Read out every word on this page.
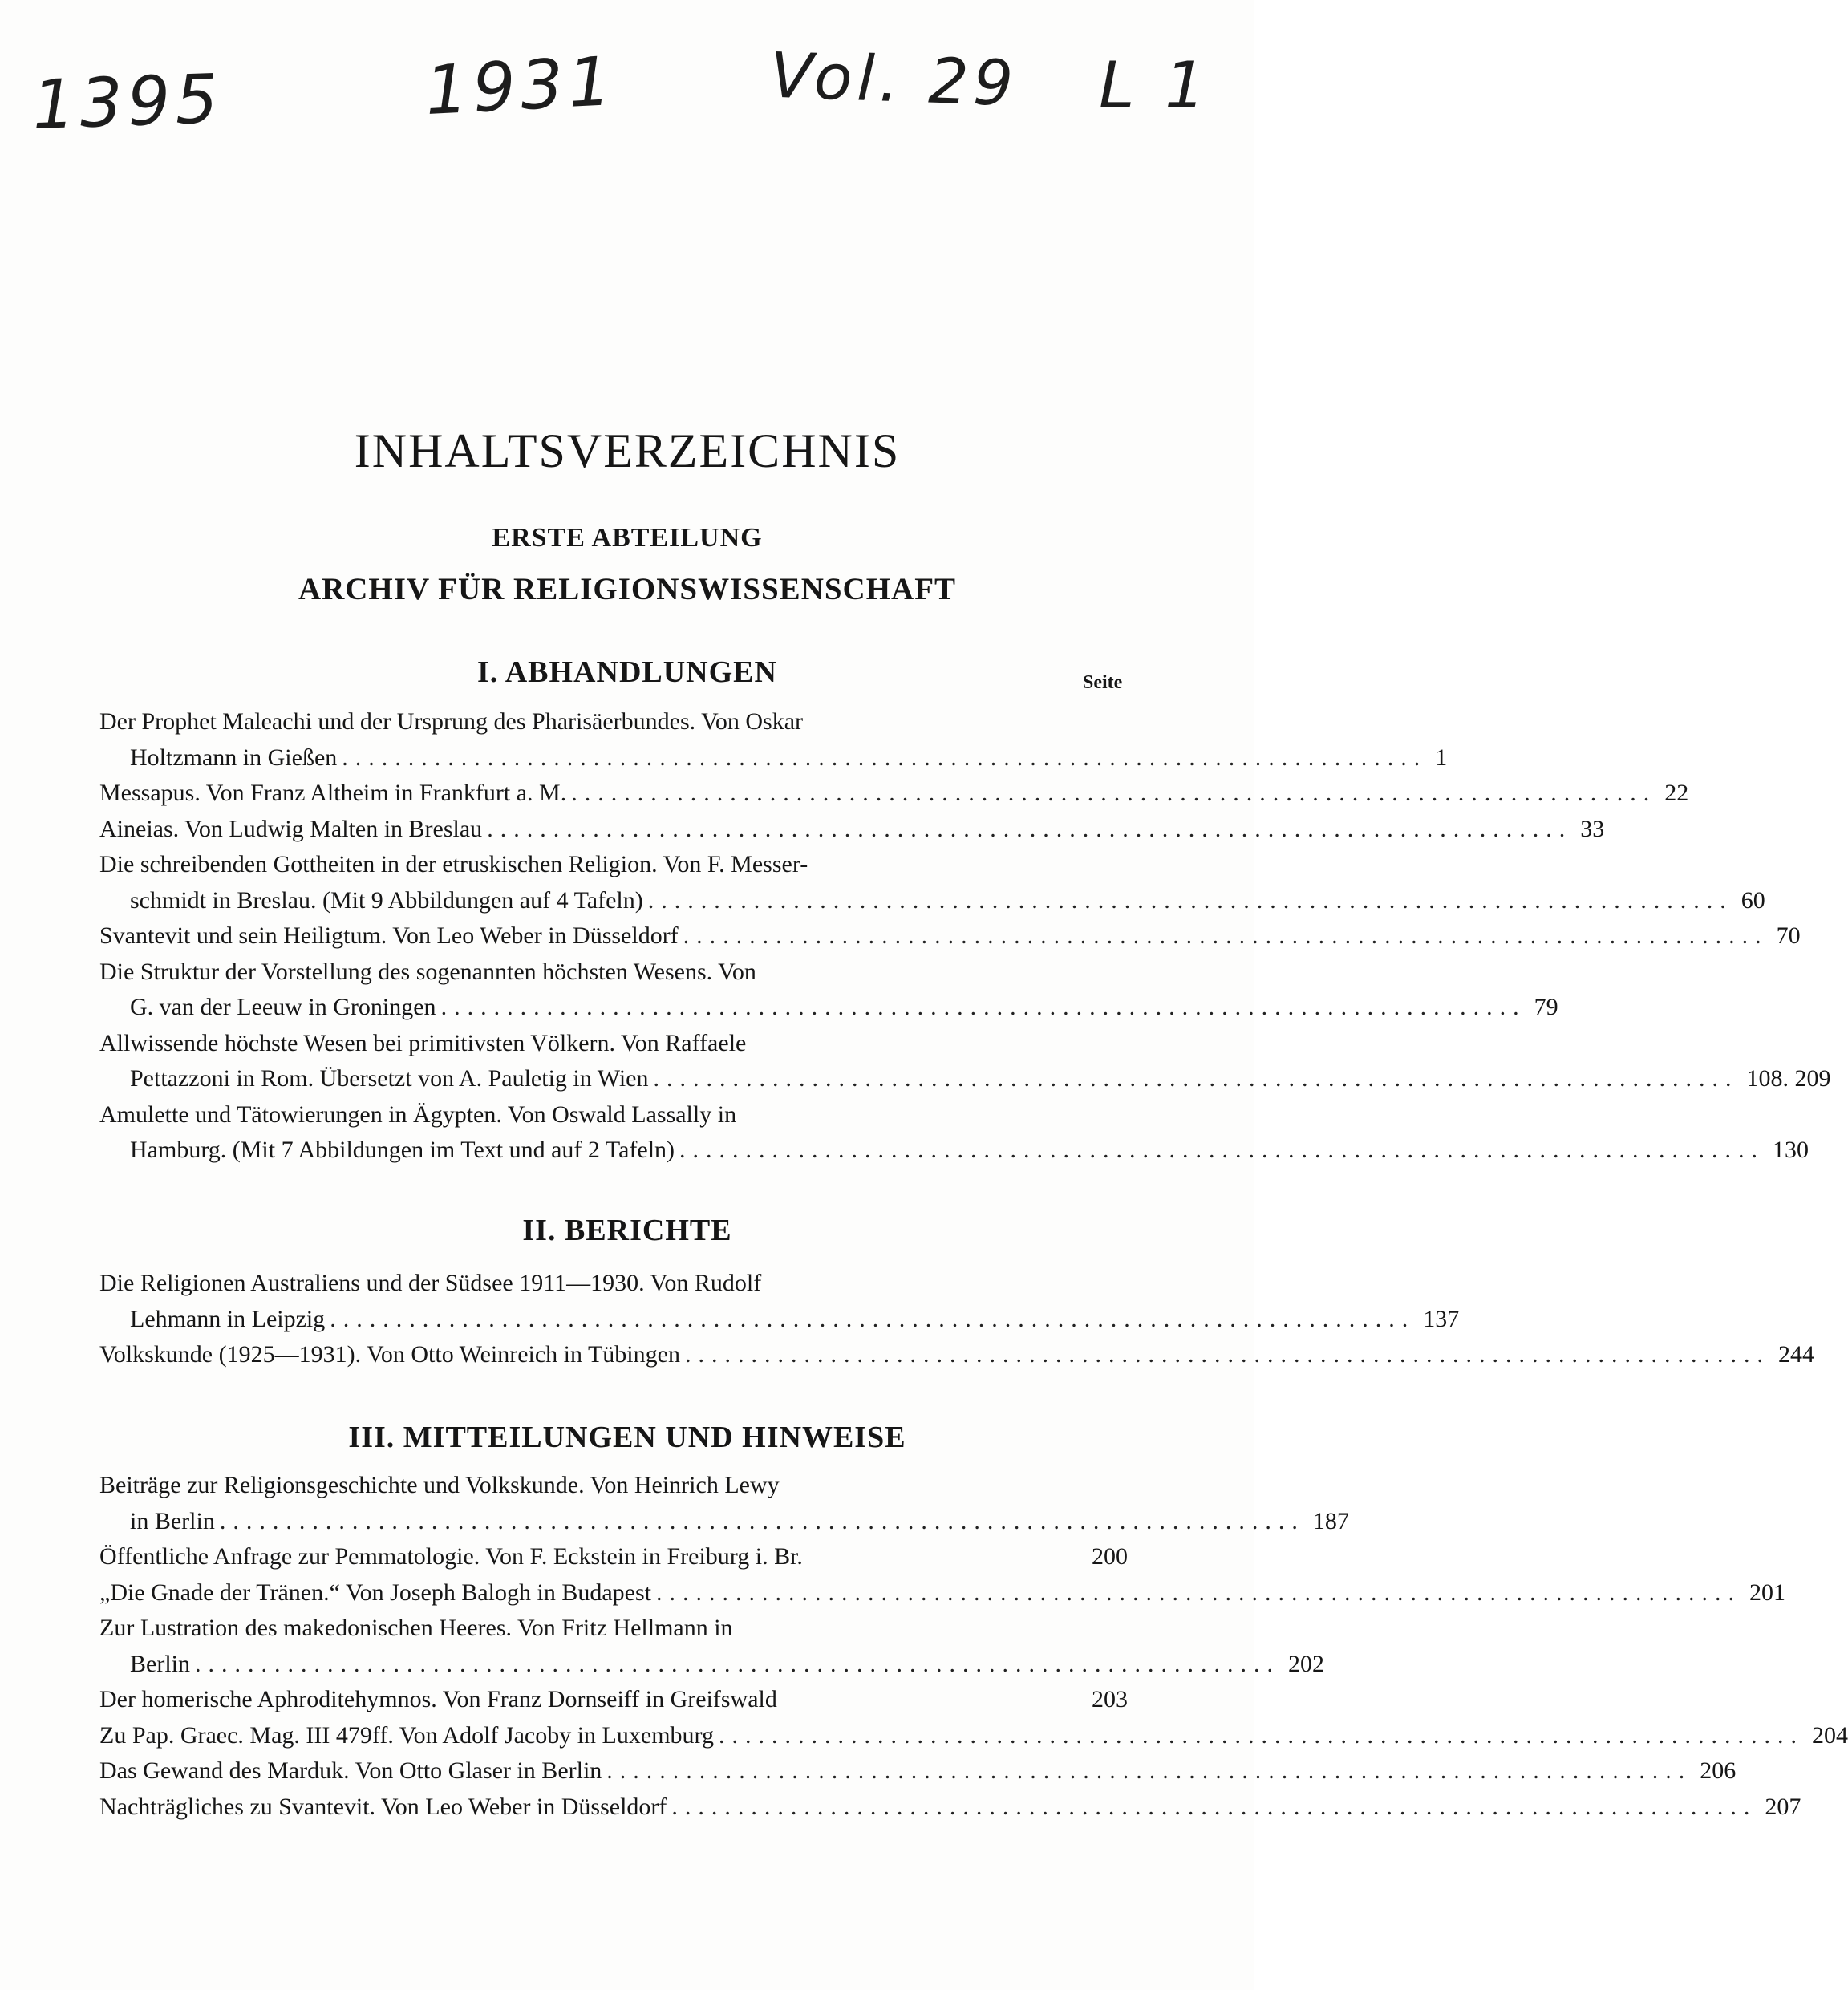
1395	1931 Vol. 29 L 1
INHALTSVERZEICHNIS
ERSTE ABTEILUNG
ARCHIV FÜR RELIGIONSWISSENSCHAFT
Seite
I. ABHANDLUNGEN
Der Prophet Maleachi und der Ursprung des Pharisäerbundes. Von Oskar
Holtzmann in Gießen .................................................................................. 1
Messapus. Von Franz Altheim in Frankfurt a. M. .................................................................................. 22
Aineias. Von Ludwig Malten in Breslau .................................................................................. 33
Die schreibenden Gottheiten in der etruskischen Religion. Von F. Messer-
schmidt in Breslau. (Mit 9 Abbildungen auf 4 Tafeln) .................................................................................. 60
Svantevit und sein Heiligtum. Von Leo Weber in Düsseldorf .................................................................................. 70
Die Struktur der Vorstellung des sogenannten höchsten Wesens. Von
G. van der Leeuw in Groningen .................................................................................. 79
Allwissende höchste Wesen bei primitivsten Völkern. Von Raffaele
Pettazzoni in Rom. Übersetzt von A. Pauletig in Wien .................................................................................. 108. 209
Amulette und Tätowierungen in Ägypten. Von Oswald Lassally in
Hamburg. (Mit 7 Abbildungen im Text und auf 2 Tafeln) .................................................................................. 130
II. BERICHTE
Die Religionen Australiens und der Südsee 1911—1930. Von Rudolf
Lehmann in Leipzig .................................................................................. 137
Volkskunde (1925—1931). Von Otto Weinreich in Tübingen .................................................................................. 244
III. MITTEILUNGEN UND HINWEISE
Beiträge zur Religionsgeschichte und Volkskunde. Von Heinrich Lewy
in Berlin .................................................................................. 187
Öffentliche Anfrage zur Pemmatologie. Von F. Eckstein in Freiburg i. Br.	200
„Die Gnade der Tränen.“ Von Joseph Balogh in Budapest .................................................................................. 201
Zur Lustration des makedonischen Heeres. Von Fritz Hellmann in
Berlin .................................................................................. 202
Der homerische Aphroditehymnos. Von Franz Dornseiff in Greifswald	203
Zu Pap. Graec. Mag. III 479ff. Von Adolf Jacoby in Luxemburg .................................................................................. 204
Das Gewand des Marduk. Von Otto Glaser in Berlin .................................................................................. 206
Nachträgliches zu Svantevit. Von Leo Weber in Düsseldorf .................................................................................. 207
